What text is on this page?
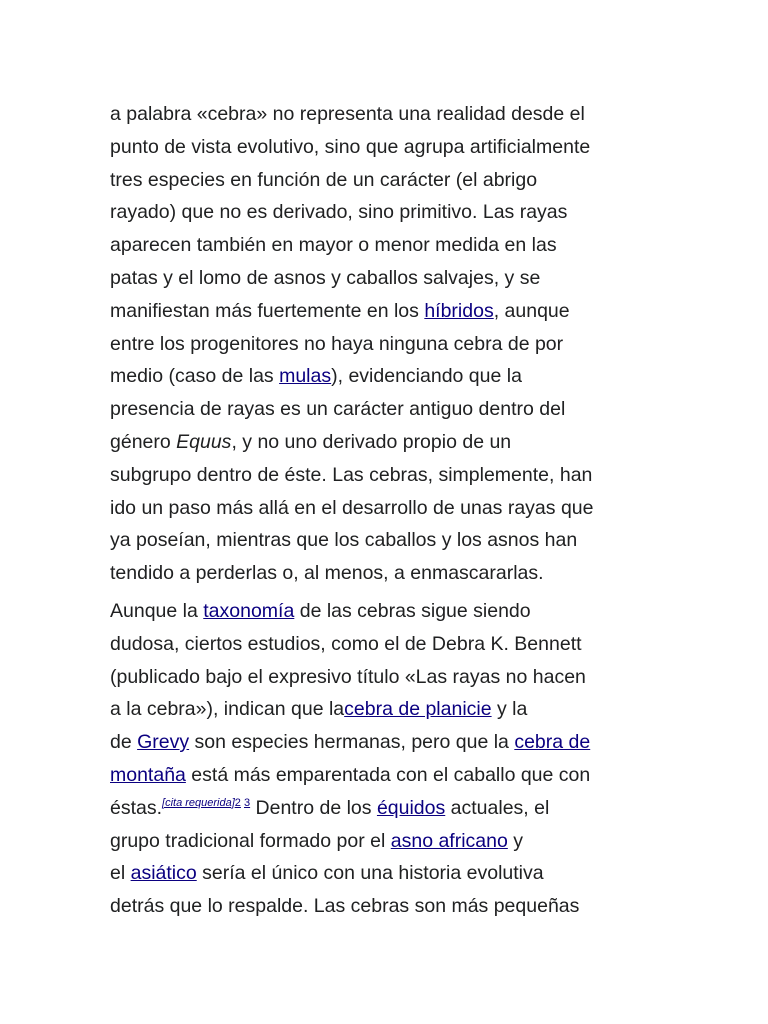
a palabra «cebra» no representa una realidad desde el
punto de vista evolutivo, sino que agrupa artificialmente
tres especies en función de un carácter (el abrigo
rayado) que no es derivado, sino primitivo. Las rayas
aparecen también en mayor o menor medida en las
patas y el lomo de asnos y caballos salvajes, y se
manifiestan más fuertemente en los híbridos, aunque
entre los progenitores no haya ninguna cebra de por
medio (caso de las mulas), evidenciando que la
presencia de rayas es un carácter antiguo dentro del
género Equus, y no uno derivado propio de un
subgrupo dentro de éste. Las cebras, simplemente, han
ido un paso más allá en el desarrollo de unas rayas que
ya poseían, mientras que los caballos y los asnos han
tendido a perderlas o, al menos, a enmascararlas.

Aunque la taxonomía de las cebras sigue siendo
dudosa, ciertos estudios, como el de Debra K. Bennett
(publicado bajo el expresivo título «Las rayas no hacen
a la cebra»), indican que lacebra de planicie y la
de Grevy son especies hermanas, pero que la cebra de
montaña está más emparentada con el caballo que con
éstas.$^{[cita requerida]2 3}$ Dentro de los équidos actuales, el
grupo tradicional formado por el asno africano y
el asiático sería el único con una historia evolutiva
detrás que lo respalde. Las cebras son más pequeñas
